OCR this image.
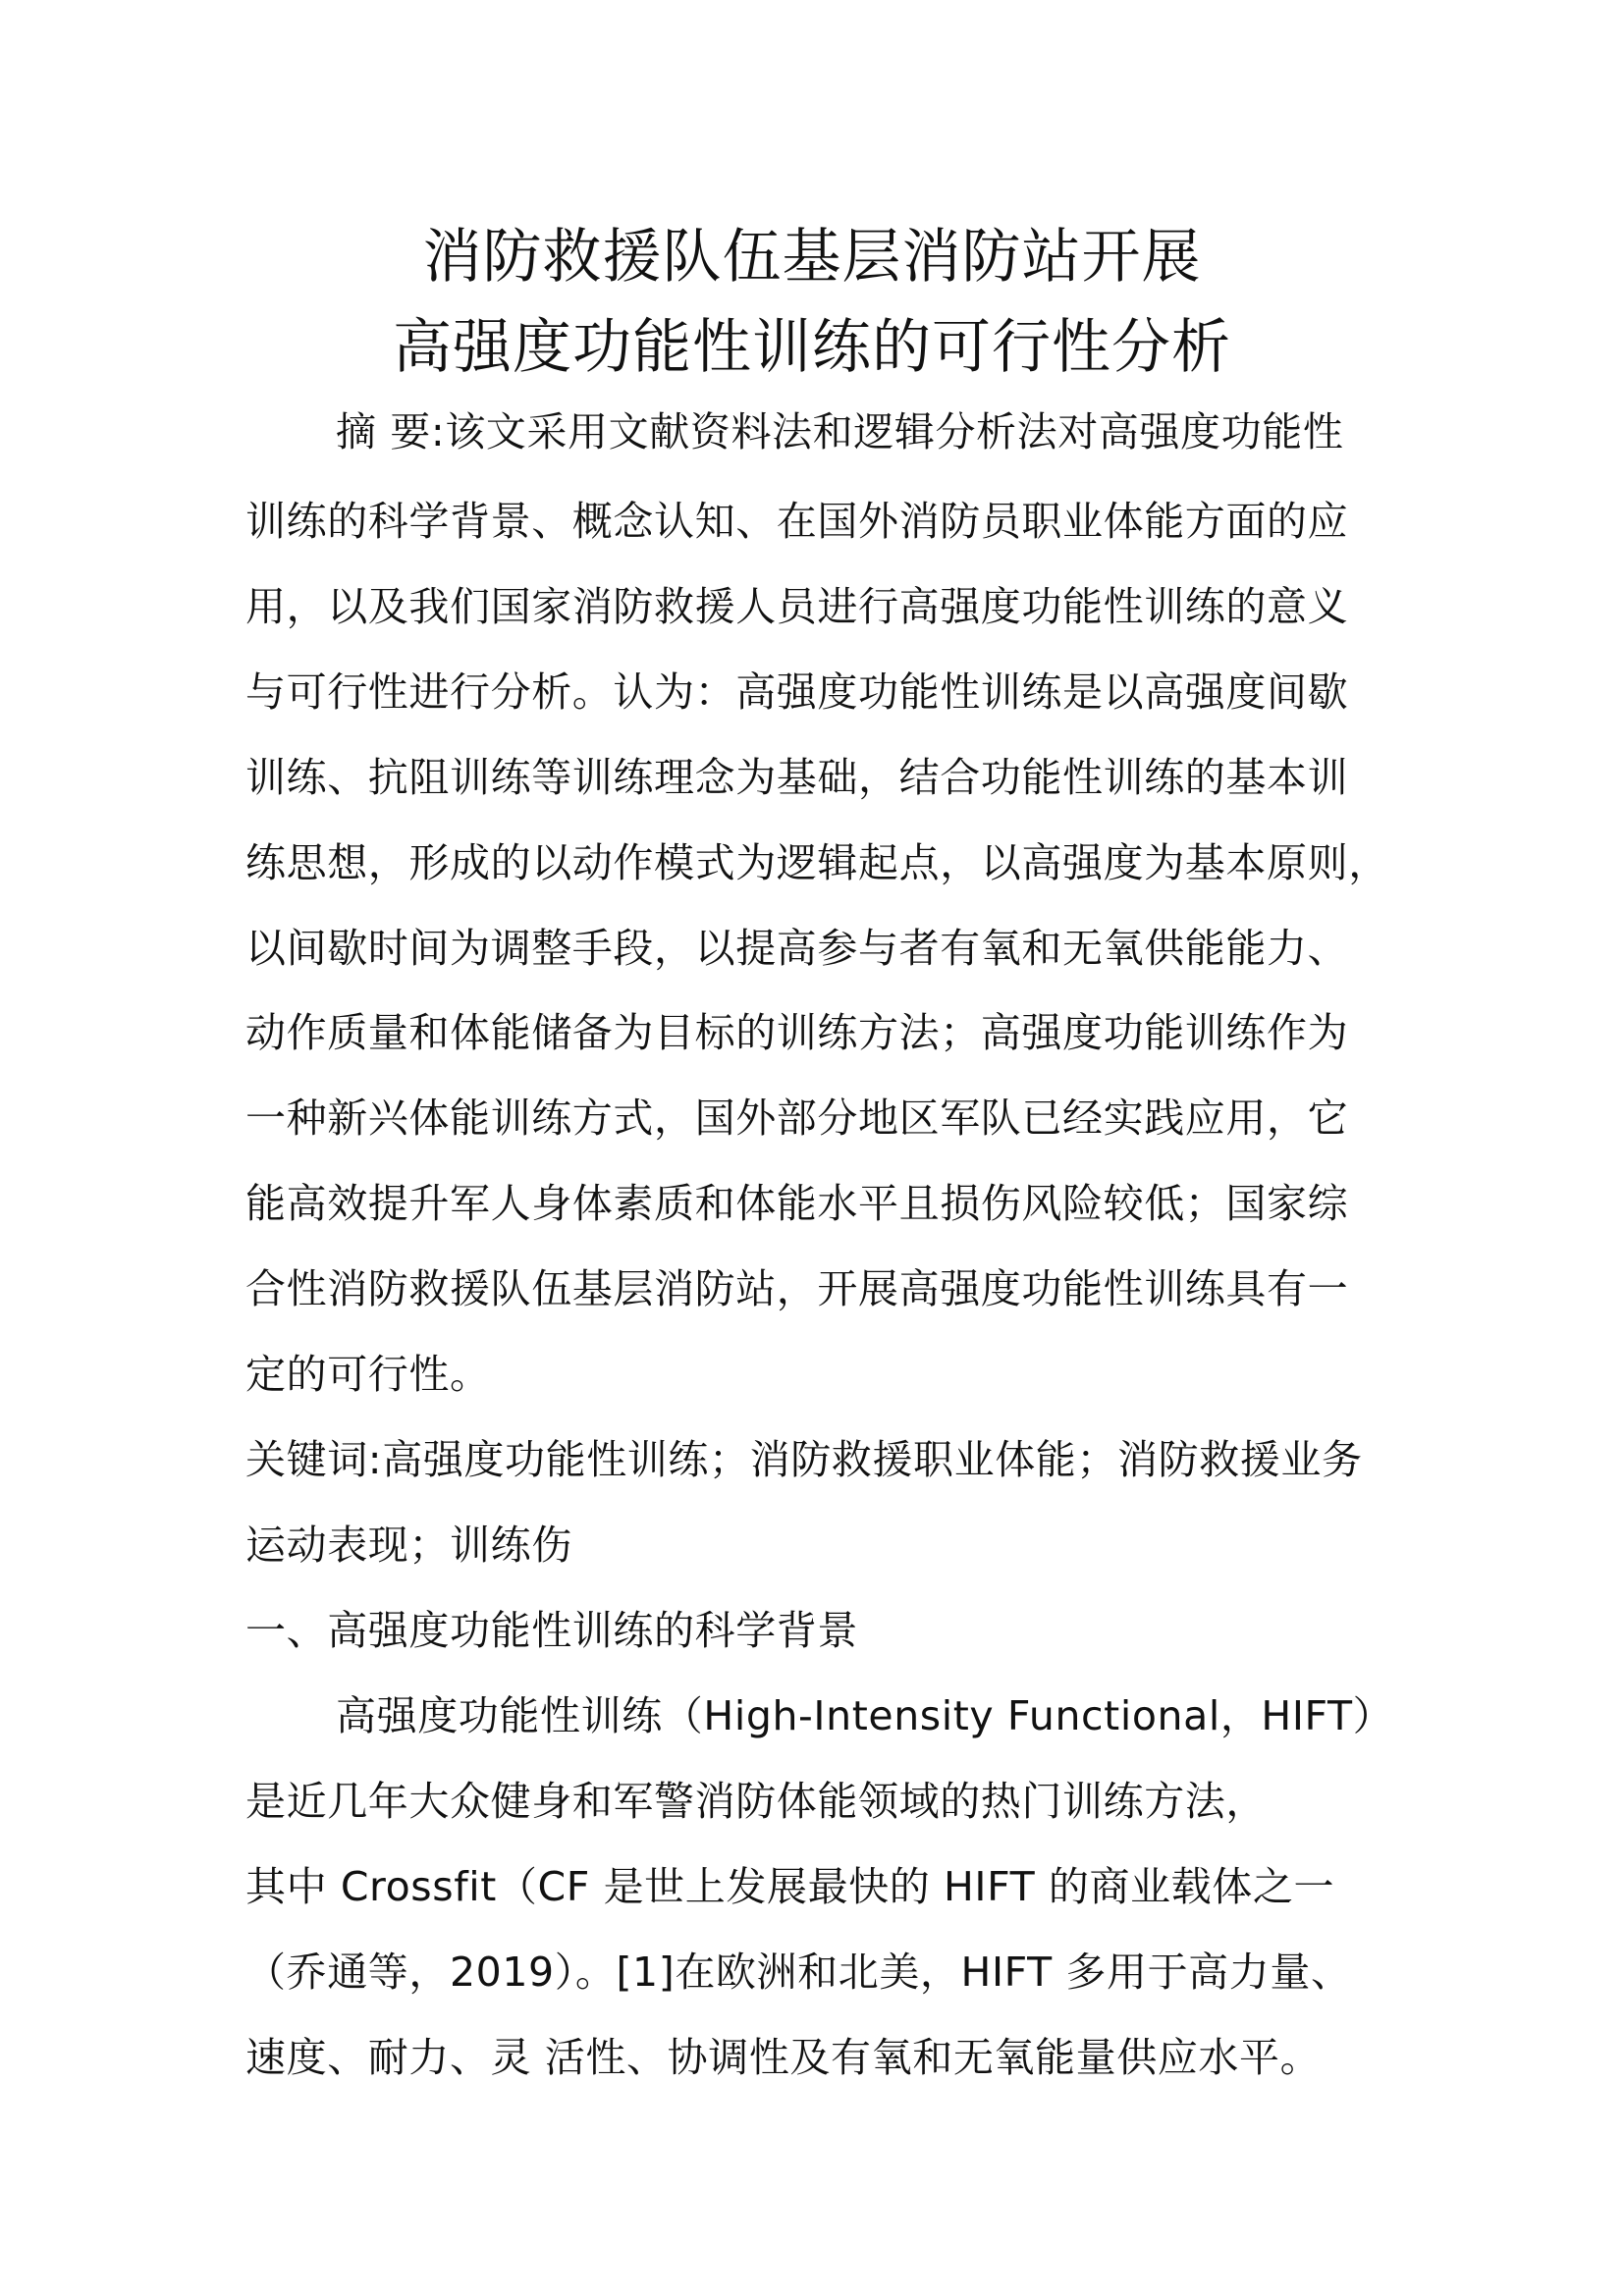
消防救援队伍基层消防站开展
高强度功能性训练的可行性分析
摘 要:该文采用文献资料法和逻辑分析法对高强度功能性
训练的科学背景、概念认知、在国外消防员职业体能方面的应
用，以及我们国家消防救援人员进行高强度功能性训练的意义
与可行性进行分析。认为：高强度功能性训练是以高强度间歇
训练、抗阻训练等训练理念为基础，结合功能性训练的基本训
练思想，形成的以动作模式为逻辑起点，以高强度为基本原则，
以间歇时间为调整手段，以提高参与者有氧和无氧供能能力、
动作质量和体能储备为目标的训练方法；高强度功能训练作为
一种新兴体能训练方式，国外部分地区军队已经实践应用，它
能高效提升军人身体素质和体能水平且损伤风险较低；国家综
合性消防救援队伍基层消防站，开展高强度功能性训练具有一
定的可行性。
关键词:高强度功能性训练；消防救援职业体能；消防救援业务
运动表现；训练伤
一、高强度功能性训练的科学背景
高强度功能性训练（High-Intensity Functional，HIFT）
是近几年大众健身和军警消防体能领域的热门训练方法，
其中 Crossfit（CF 是世上发展最快的 HIFT 的商业载体之一
（乔通等，2019）。[1]在欧洲和北美，HIFT 多用于高力量、
速度、耐力、灵 活性、协调性及有氧和无氧能量供应水平。
